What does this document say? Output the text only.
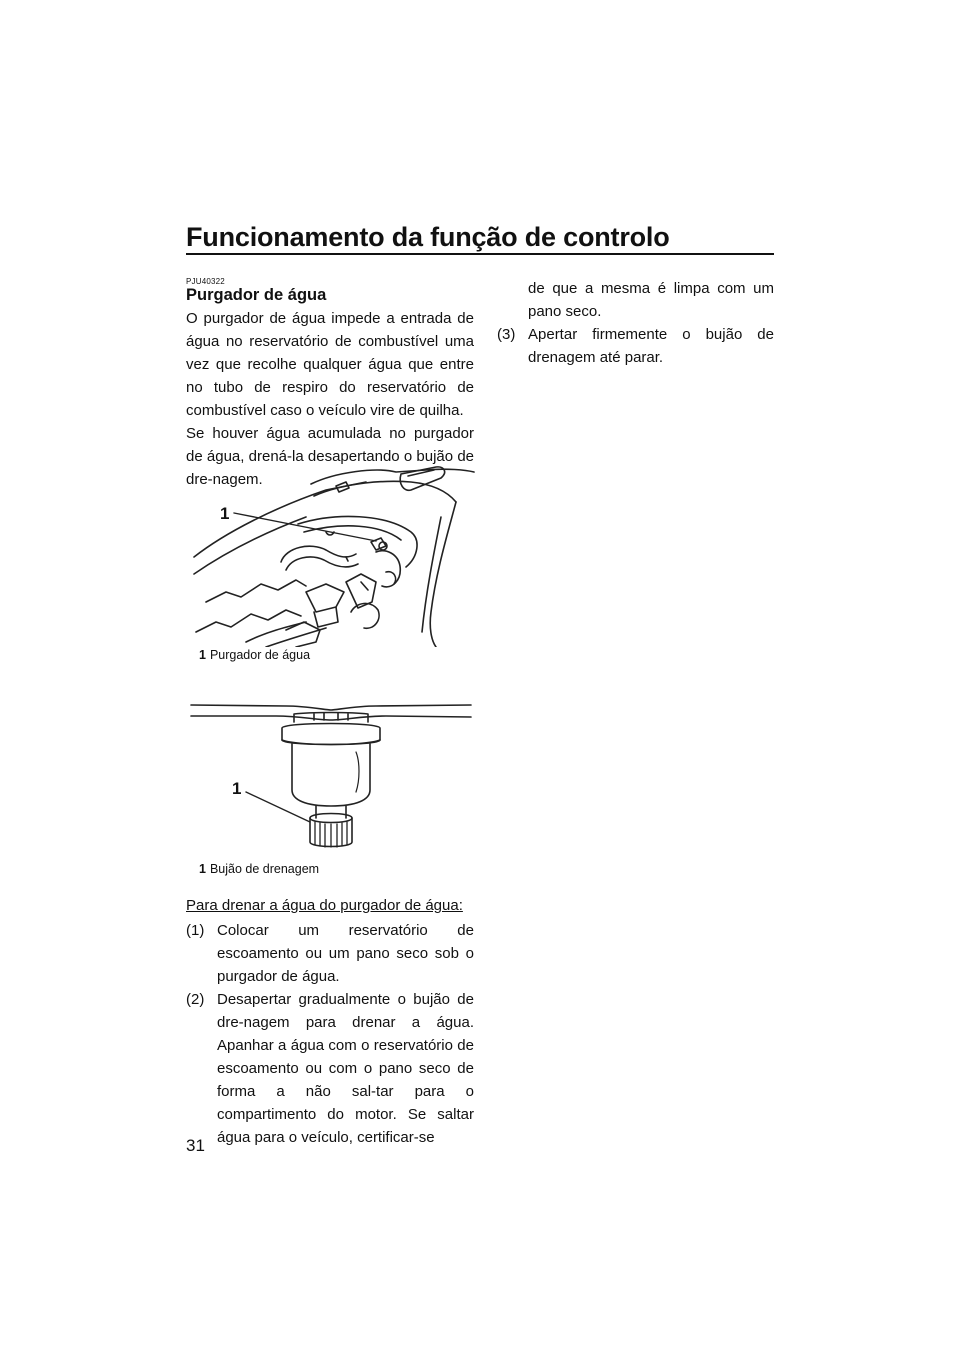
Funcionamento da função de controlo
PJU40322
Purgador de água

O purgador de água impede a entrada de água no reservatório de combustível uma vez que recolhe qualquer água que entre no tubo de respiro do reservatório de combustível caso o veículo vire de quilha.

Se houver água acumulada no purgador de água, drená-la desapertando o bujão de dre-nagem.

1
1 Purgador de água
1
1 Bujão de drenagem

Para drenar a água do purgador de água:

(1) Colocar um reservatório de escoamento ou um pano seco sob o purgador de água.
(2) Desapertar gradualmente o bujão de dre-nagem para drenar a água. Apanhar a água com o reservatório de escoamento ou com o pano seco de forma a não sal-tar para o compartimento do motor. Se saltar água para o veículo, certificar-se
de que a mesma é limpa com um pano seco.
(3) Apertar firmemente o bujão de drenagem até parar.
31
